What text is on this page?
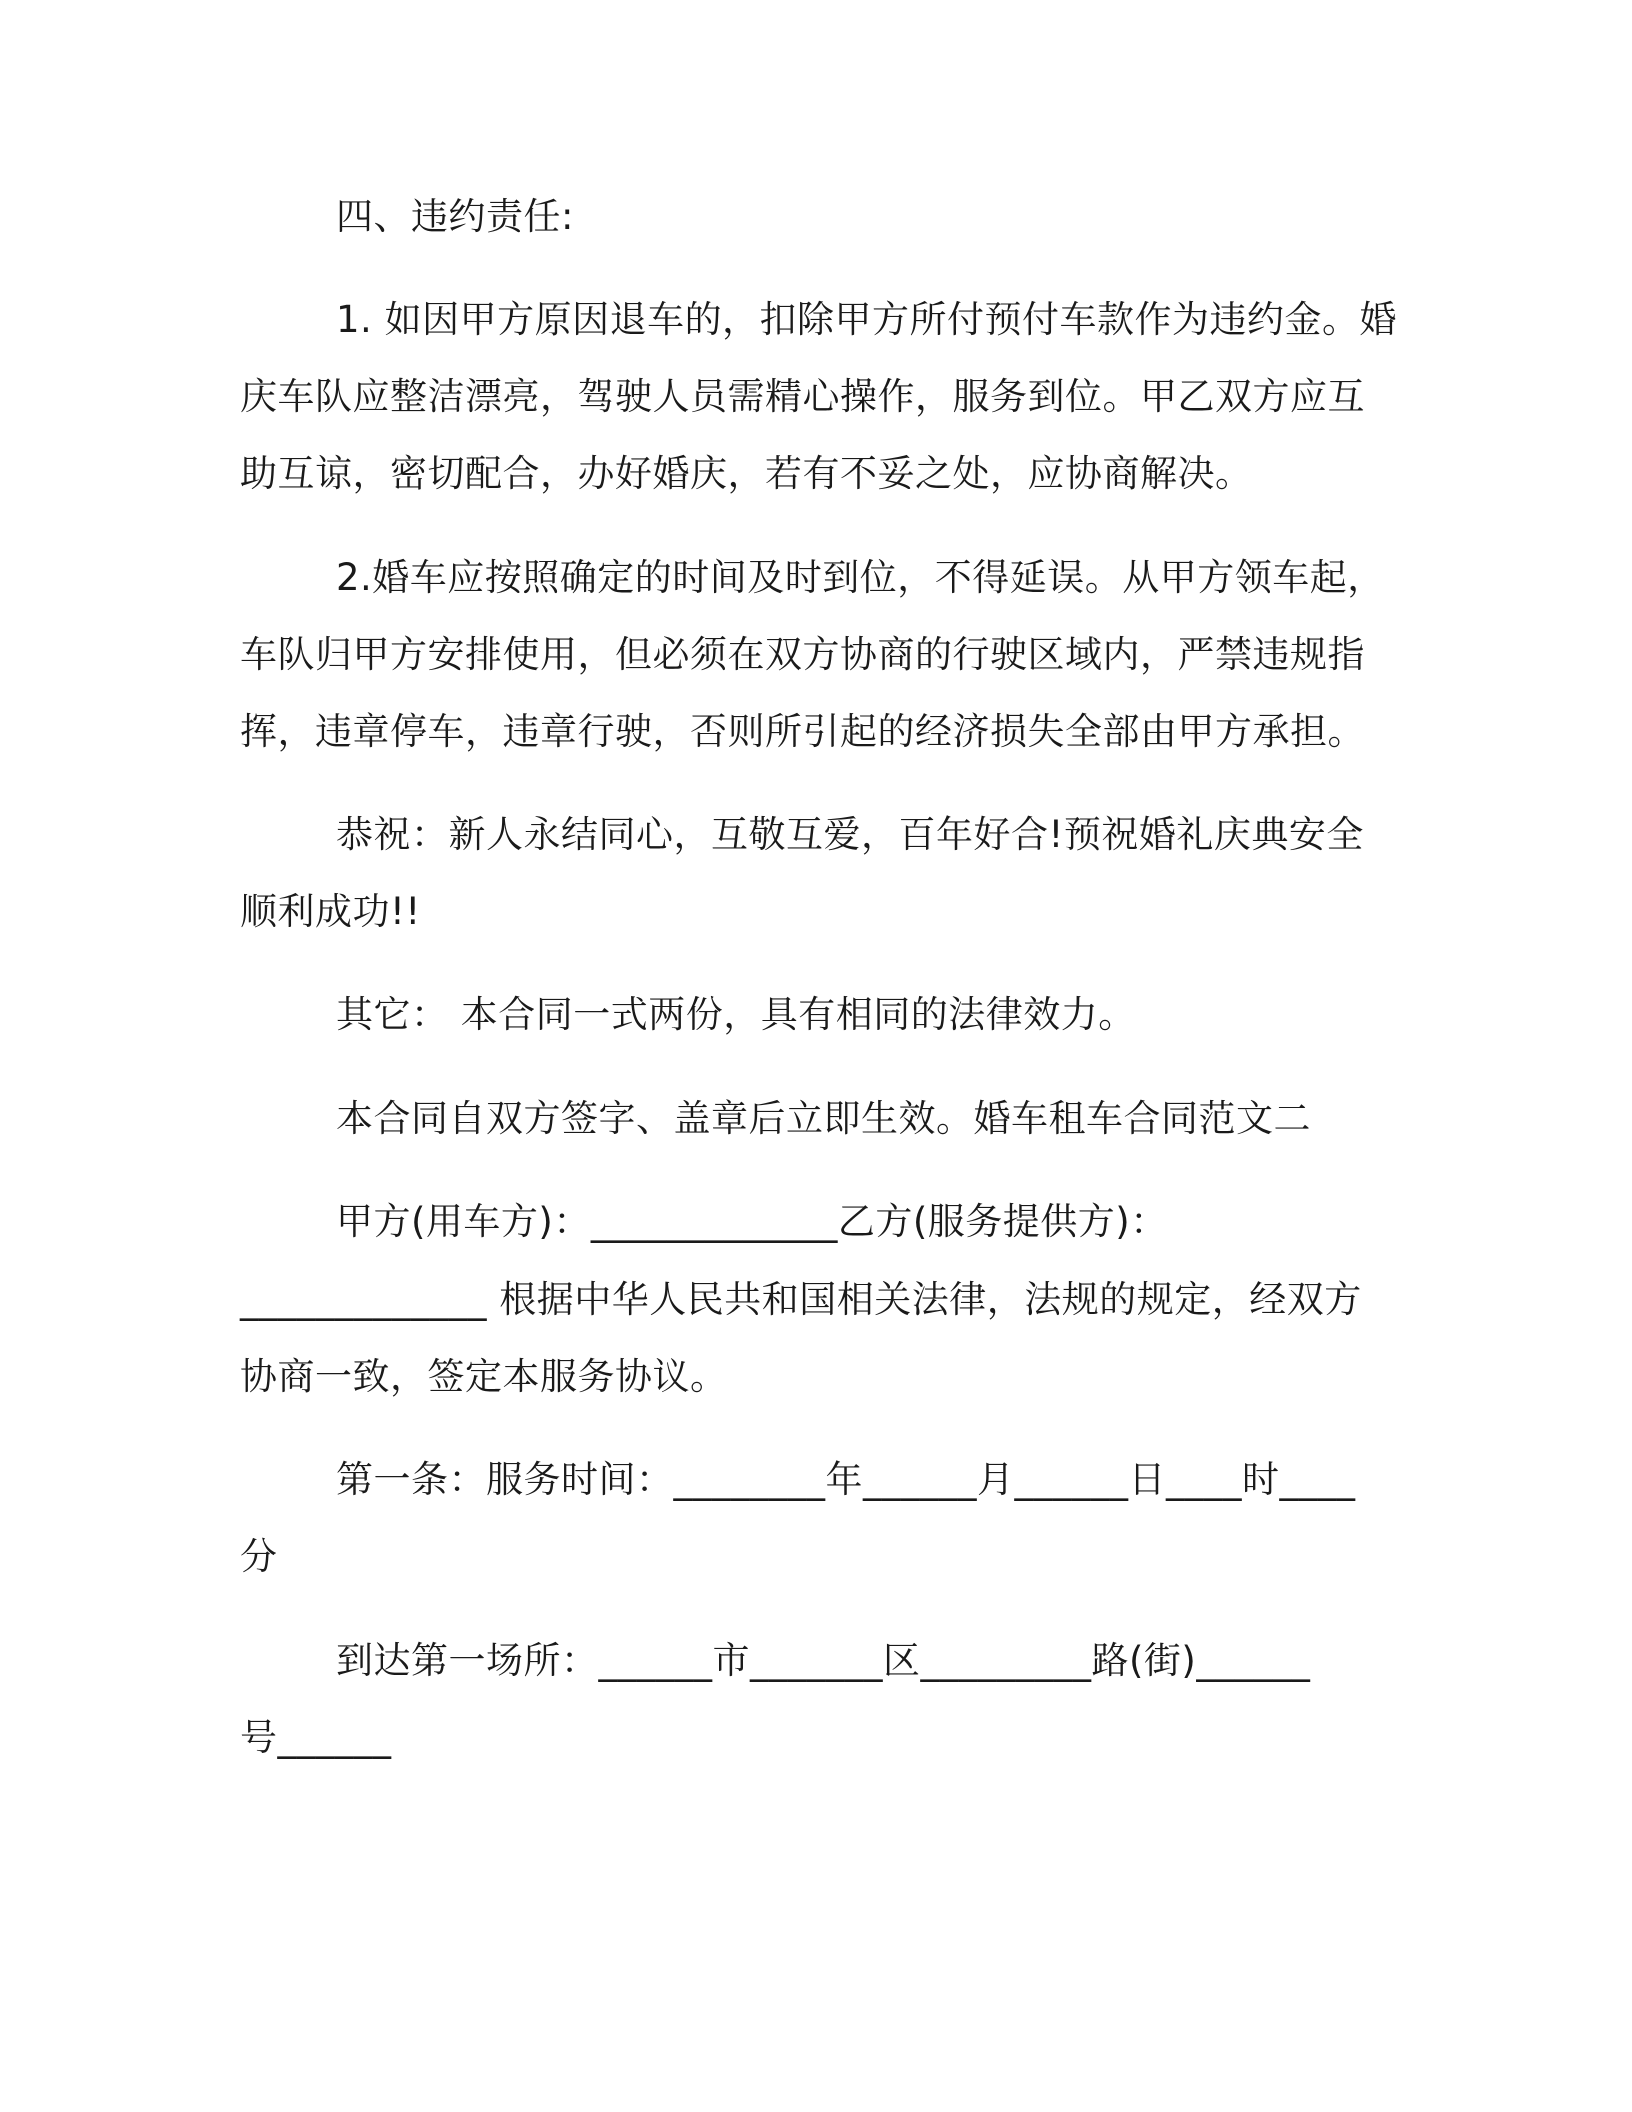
四、违约责任:
1. 如因甲方原因退车的，扣除甲方所付预付车款作为违约金。婚
庆车队应整洁漂亮，驾驶人员需精心操作，服务到位。甲乙双方应互
助互谅，密切配合，办好婚庆，若有不妥之处，应协商解决。
2.婚车应按照确定的时间及时到位，不得延误。从甲方领车起，
车队归甲方安排使用，但必须在双方协商的行驶区域内，严禁违规指
挥，违章停车，违章行驶，否则所引起的经济损失全部由甲方承担。
恭祝：新人永结同心，互敬互爱，百年好合!预祝婚礼庆典安全
顺利成功!!
其它： 本合同一式两份，具有相同的法律效力。
本合同自双方签字、盖章后立即生效。婚车租车合同范文二
甲方(用车方)：_____________乙方(服务提供方)：
_____________ 根据中华人民共和国相关法律，法规的规定，经双方
协商一致，签定本服务协议。
第一条：服务时间：________年______月______日____时____
分
到达第一场所：______市_______区_________路(街)______
号______
